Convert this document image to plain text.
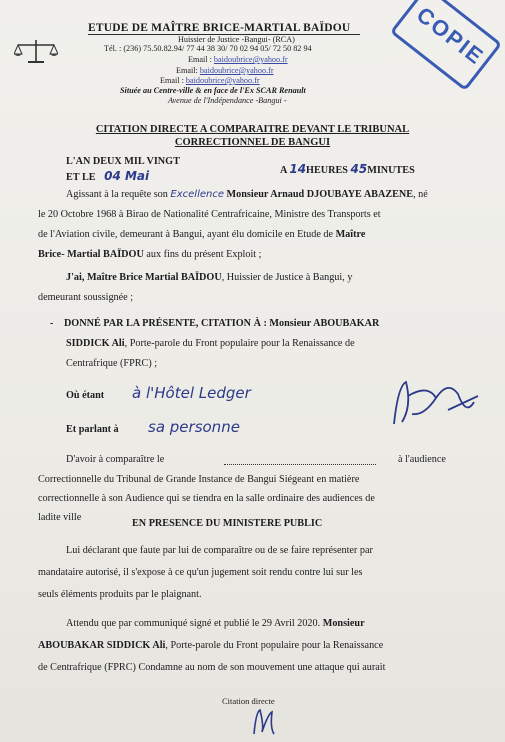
ETUDE DE MAÎTRE BRICE-MARTIAL BAÏDOU
Huissier de Justice -Bangui- (RCA)
Tél. : (236) 75.50.82.94/ 77 44 38 30/ 70 02 94 05/ 72 50 82 94
Email : baidoubrice@yahoo.fr
Email: baidoubrice@yahoo.fr
Email : baidoubrice@yahoo.fr
Située au Centre-ville & en face de l'Ex SCAR Renault
Avenue de l'Indépendance -Bangui -
COPIE
CITATION DIRECTE A COMPARAITRE DEVANT LE TRIBUNAL
CORRECTIONNEL DE BANGUI
L'AN DEUX MIL VINGT
ET LE 04 Mai	A 14HEURES 45MINUTES
Agissant à la requête son Excellence Monsieur Arnaud DJOUBAYE ABAZENE, né
le 20 Octobre 1968 à Birao de Nationalité Centrafricaine, Ministre des Transports et
de l'Aviation civile, demeurant à Bangui, ayant élu domicile en Etude de Maître
Brice- Martial BAÏDOU aux fins du présent Exploit ;
J'ai, Maître Brice Martial BAÏDOU, Huissier de Justice à Bangui, y
demeurant soussignée ;
- DONNÉ PAR LA PRÉSENTE, CITATION À : Monsieur ABOUBAKAR
SIDDICK Ali, Porte-parole du Front populaire pour la Renaissance de
Centrafrique (FPRC) ;
Où étant à l'Hôtel Ledger
Et parlant à sa personne
D'avoir à comparaître le	à l'audience
Correctionnelle du Tribunal de Grande Instance de Bangui Siégeant en matière
correctionnelle à son Audience qui se tiendra en la salle ordinaire des audiences de
ladite ville
EN PRESENCE DU MINISTERE PUBLIC
Lui déclarant que faute par lui de comparaître ou de se faire représenter par
mandataire autorisé, il s'expose à ce qu'un jugement soit rendu contre lui sur les
seuls éléments produits par le plaignant.
Attendu que par communiqué signé et publié le 29 Avril 2020. Monsieur
ABOUBAKAR SIDDICK Ali, Porte-parole du Front populaire pour la Renaissance
de Centrafrique (FPRC) Condamne au nom de son mouvement une attaque qui aurait
Citation directe
